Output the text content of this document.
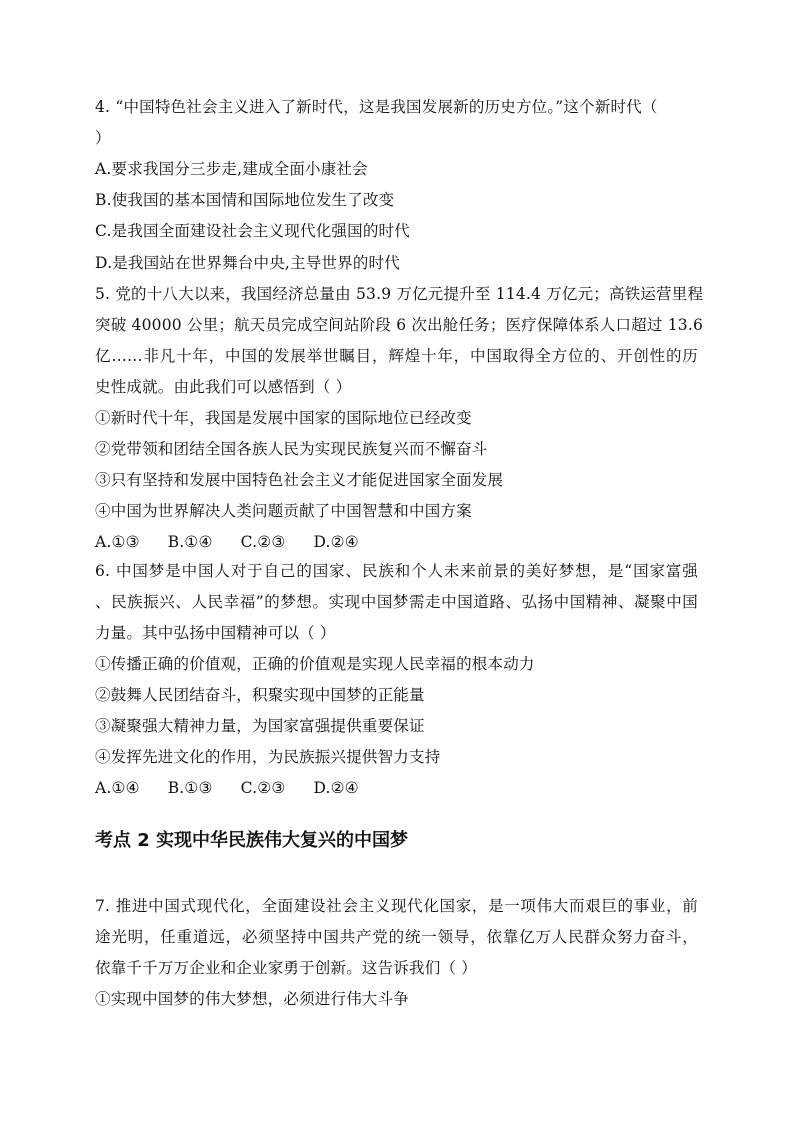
4. “中国特色社会主义进入了新时代，这是我国发展新的历史方位。”这个新时代（
）
A.要求我国分三步走,建成全面小康社会
B.使我国的基本国情和国际地位发生了改变
C.是我国全面建设社会主义现代化强国的时代
D.是我国站在世界舞台中央,主导世界的时代
5. 党的十八大以来，我国经济总量由 53.9 万亿元提升至 114.4 万亿元；高铁运营里程
突破 40000 公里；航天员完成空间站阶段 6 次出舱任务；医疗保障体系人口超过 13.6
亿……非凡十年，中国的发展举世瞩目，辉煌十年，中国取得全方位的、开创性的历
史性成就。由此我们可以感悟到（ ）
①新时代十年，我国是发展中国家的国际地位已经改变
②党带领和团结全国各族人民为实现民族复兴而不懈奋斗
③只有坚持和发展中国特色社会主义才能促进国家全面发展
④中国为世界解决人类问题贡献了中国智慧和中国方案
A.①③ B.①④ C.②③ D.②④
6. 中国梦是中国人对于自己的国家、民族和个人未来前景的美好梦想，是“国家富强
、民族振兴、人民幸福”的梦想。实现中国梦需走中国道路、弘扬中国精神、凝聚中国
力量。其中弘扬中国精神可以（ ）
①传播正确的价值观，正确的价值观是实现人民幸福的根本动力
②鼓舞人民团结奋斗，积聚实现中国梦的正能量
③凝聚强大精神力量，为国家富强提供重要保证
④发挥先进文化的作用，为民族振兴提供智力支持
A.①④ B.①③ C.②③ D.②④
考点 2 实现中华民族伟大复兴的中国梦
7. 推进中国式现代化，全面建设社会主义现代化国家，是一项伟大而艰巨的事业，前
途光明，任重道远，必须坚持中国共产党的统一领导，依靠亿万人民群众努力奋斗，
依靠千千万万企业和企业家勇于创新。这告诉我们（ ）
①实现中国梦的伟大梦想，必须进行伟大斗争
